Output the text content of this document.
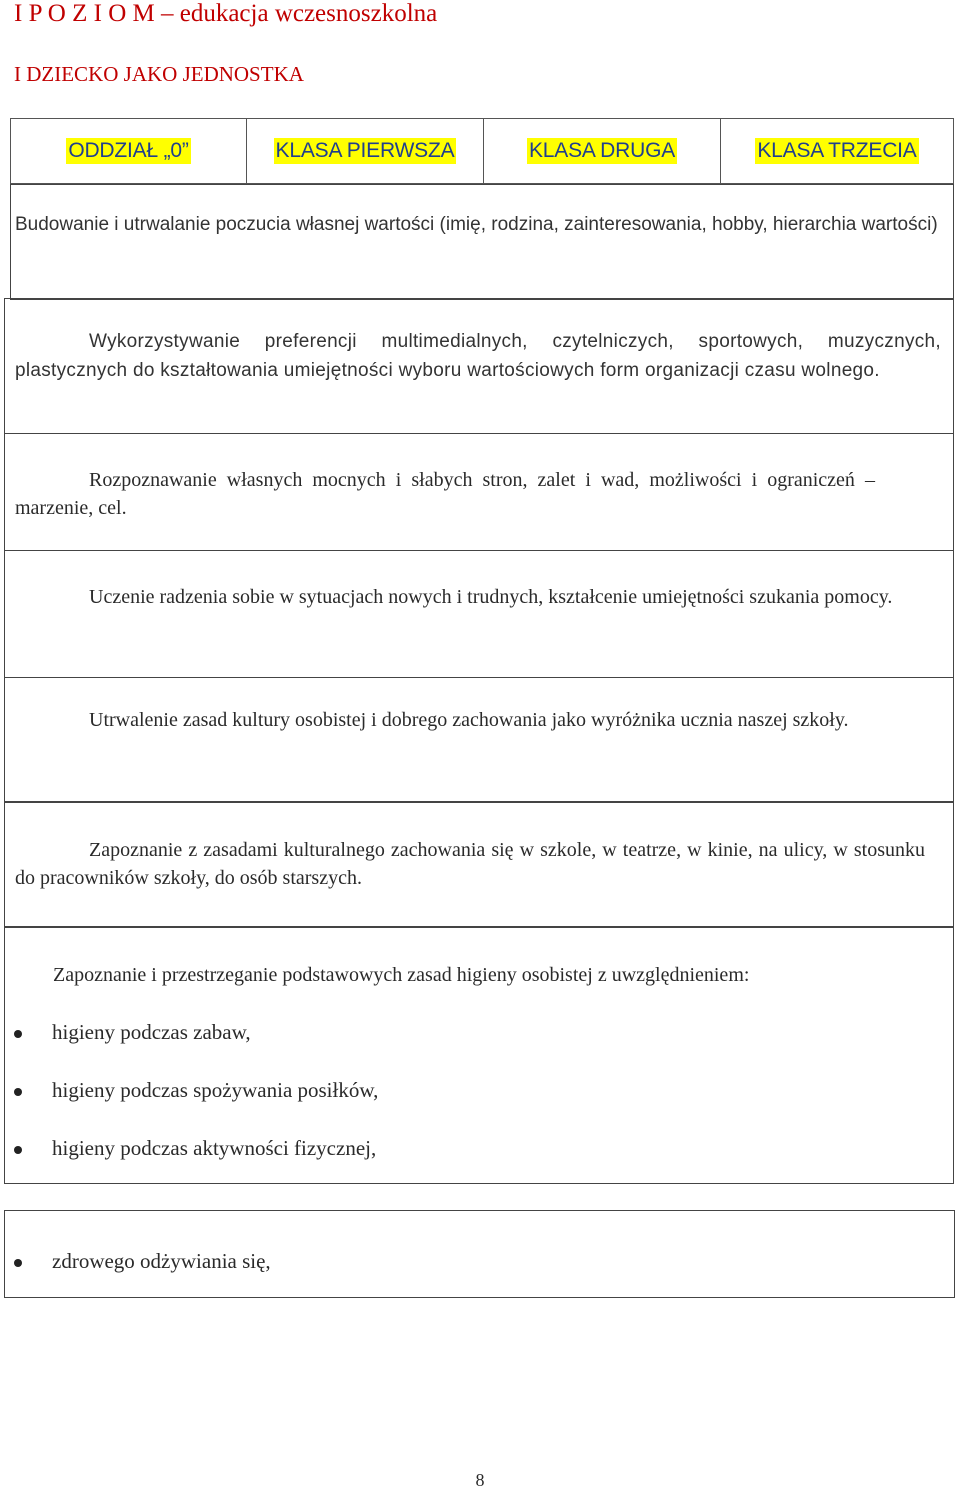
I P O Z I O M – edukacja wczesnoszkolna
I DZIECKO JAKO JEDNOSTKA
ODDZIAŁ „0”	KLASA PIERWSZA	KLASA DRUGA	KLASA TRZECIA

Budowanie i utrwalanie poczucia własnej wartości (imię, rodzina, zainteresowania, hobby, hierarchia wartości)

Wykorzystywanie preferencji multimedialnych, czytelniczych, sportowych, muzycznych, plastycznych do kształtowania umiejętności wyboru wartościowych form organizacji czasu wolnego.

Rozpoznawanie własnych mocnych i słabych stron, zalet i wad, możliwości i ograniczeń – marzenie, cel.

Uczenie radzenia sobie w sytuacjach nowych i trudnych, kształcenie umiejętności szukania pomocy.

Utrwalenie zasad kultury osobistej i dobrego zachowania jako wyróżnika ucznia naszej szkoły.

Zapoznanie z zasadami kulturalnego zachowania się w szkole, w teatrze, w kinie, na ulicy, w stosunku do pracowników szkoły, do osób starszych.

Zapoznanie i przestrzeganie podstawowych zasad higieny osobistej z uwzględnieniem:

higieny podczas zabaw,
higieny podczas spożywania posiłków,
higieny podczas aktywności fizycznej,
zdrowego odżywiania się,
8
